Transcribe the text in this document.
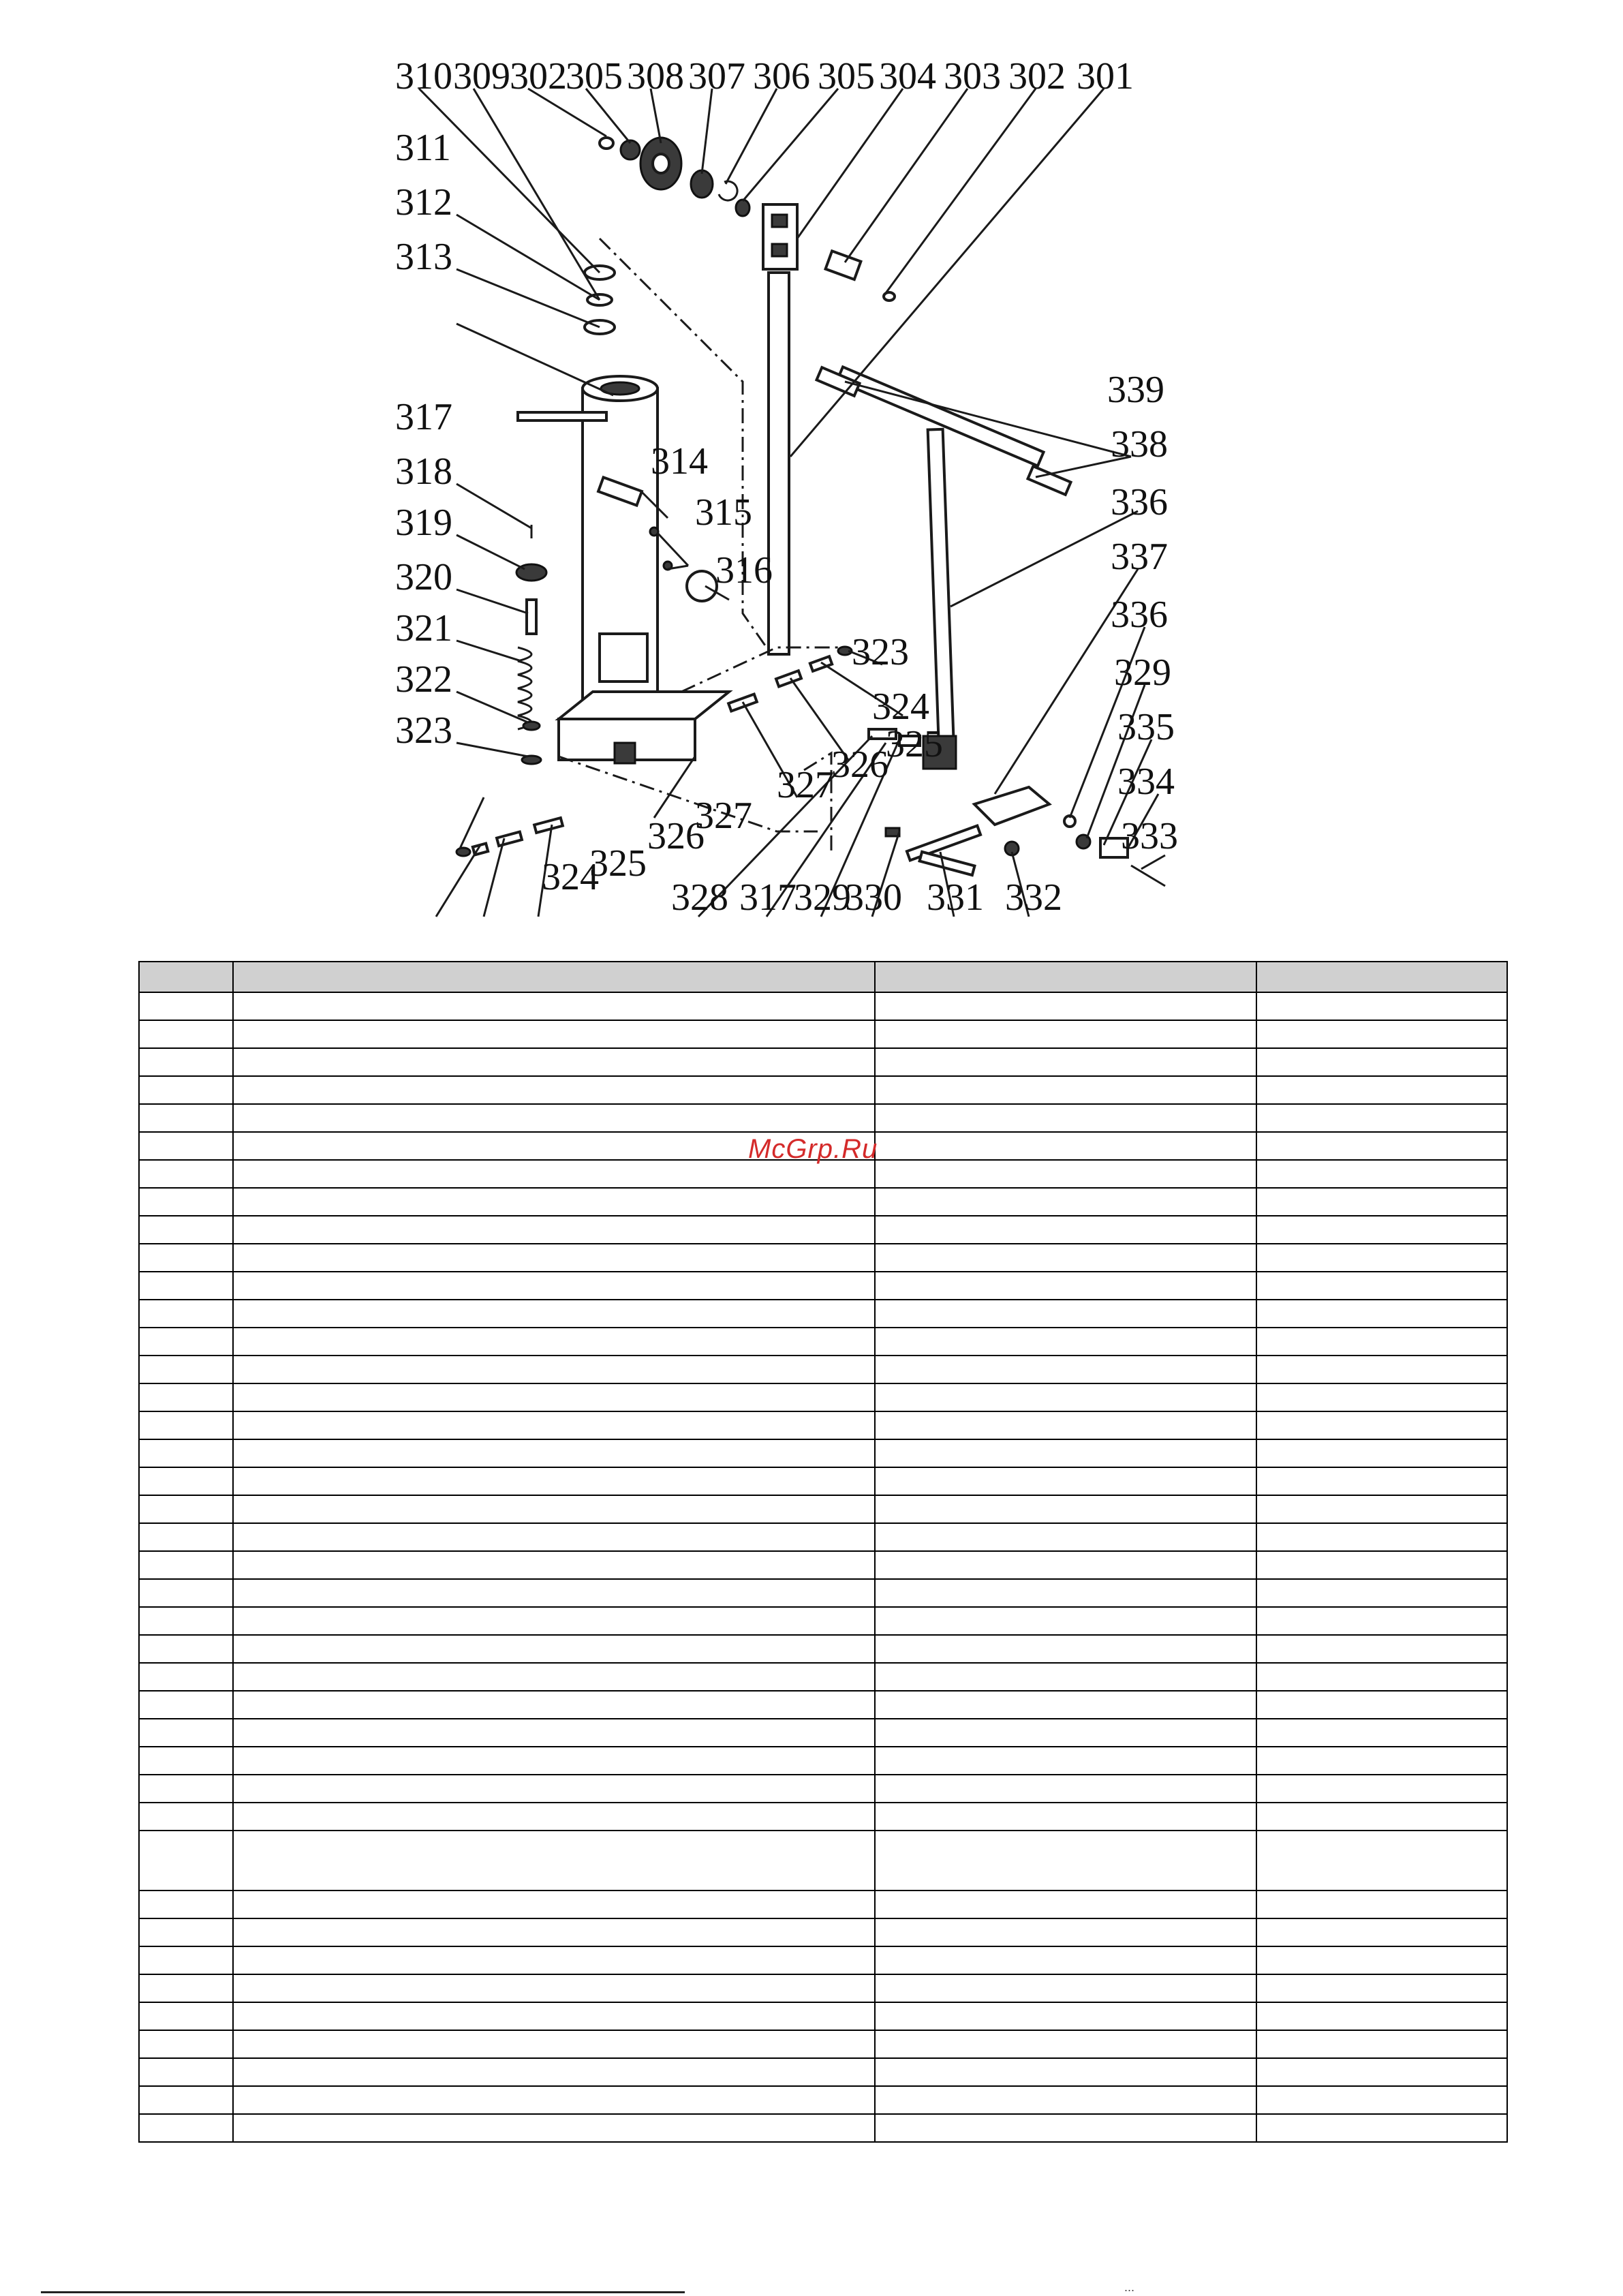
310 309 302
305 308 307 306 305 304 303 302 301
311
312
313
317
318
319
320
321
322
323
314
315
316
339
338
336
337
336
329
335
334
333
323
324
325
326
327
327
326
325
324 328 317
329
330 331 332

McGrp.Ru
...
